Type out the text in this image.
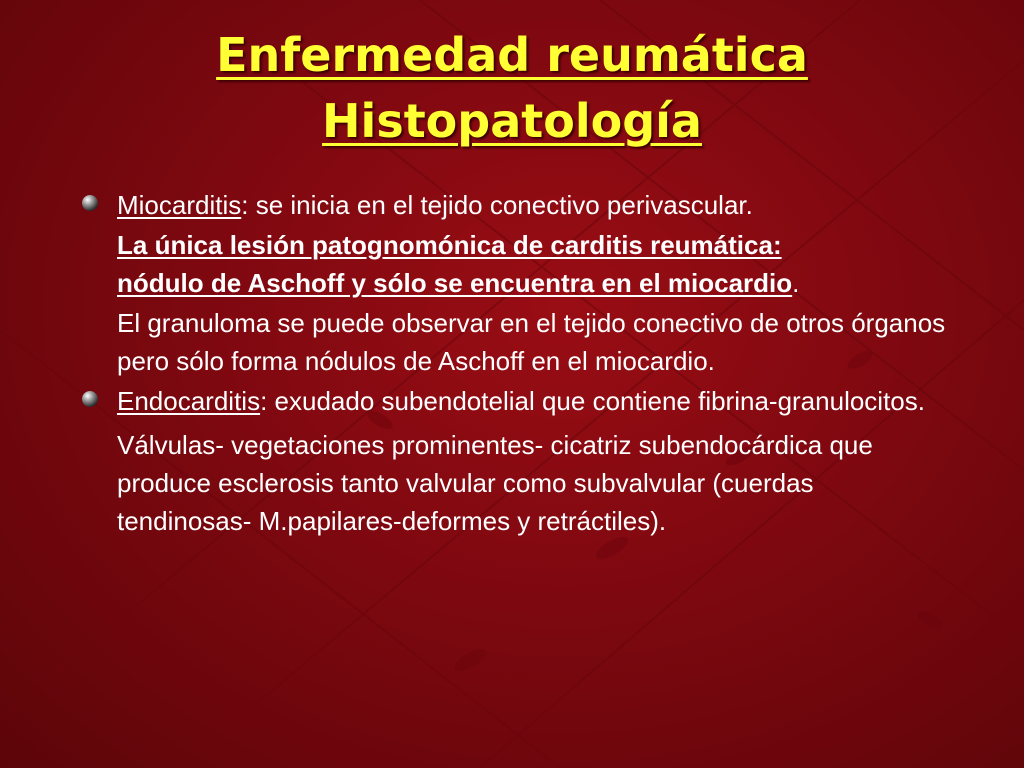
Enfermedad reumática
Histopatología

Miocarditis: se inicia en el tejido conectivo perivascular.

La única lesión patognomónica de carditis reumática:
nódulo de Aschoff y sólo se encuentra en el miocardio.

El granuloma se puede observar en el tejido conectivo de otros órganos pero sólo forma nódulos de Aschoff en el miocardio.

Endocarditis: exudado subendotelial que contiene fibrina-granulocitos.

Válvulas- vegetaciones prominentes- cicatriz subendocárdica que produce esclerosis tanto valvular como subvalvular (cuerdas tendinosas- M.papilares-deformes y retráctiles).
